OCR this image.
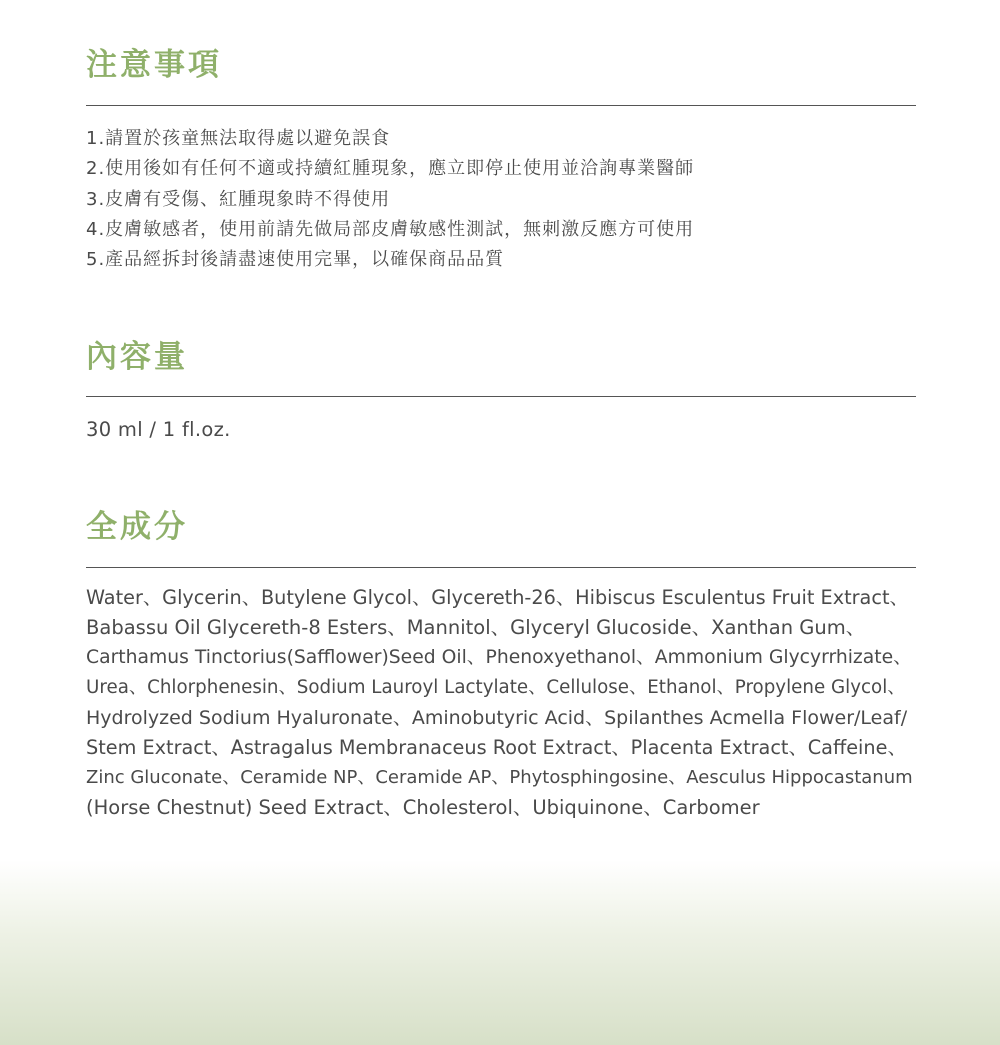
注意事項
1.請置於孩童無法取得處以避免誤食
2.使用後如有任何不適或持續紅腫現象，應立即停止使用並洽詢專業醫師
3.皮膚有受傷、紅腫現象時不得使用
4.皮膚敏感者，使用前請先做局部皮膚敏感性測試，無刺激反應方可使用
5.產品經拆封後請盡速使用完畢，以確保商品品質
內容量
30 ml / 1 fl.oz.
全成分
Water、Glycerin、Butylene Glycol、Glycereth-26、Hibiscus Esculentus Fruit Extract、
Babassu Oil Glycereth-8 Esters、Mannitol、Glyceryl Glucoside、Xanthan Gum、
Carthamus Tinctorius(Safflower)Seed Oil、Phenoxyethanol、Ammonium Glycyrrhizate、
Urea、Chlorphenesin、Sodium Lauroyl Lactylate、Cellulose、Ethanol、Propylene Glycol、
Hydrolyzed Sodium Hyaluronate、Aminobutyric Acid、Spilanthes Acmella Flower/Leaf/
Stem Extract、Astragalus Membranaceus Root Extract、Placenta Extract、Caffeine、
Zinc Gluconate、Ceramide NP、Ceramide AP、Phytosphingosine、Aesculus Hippocastanum
(Horse Chestnut) Seed Extract、Cholesterol、Ubiquinone、Carbomer
